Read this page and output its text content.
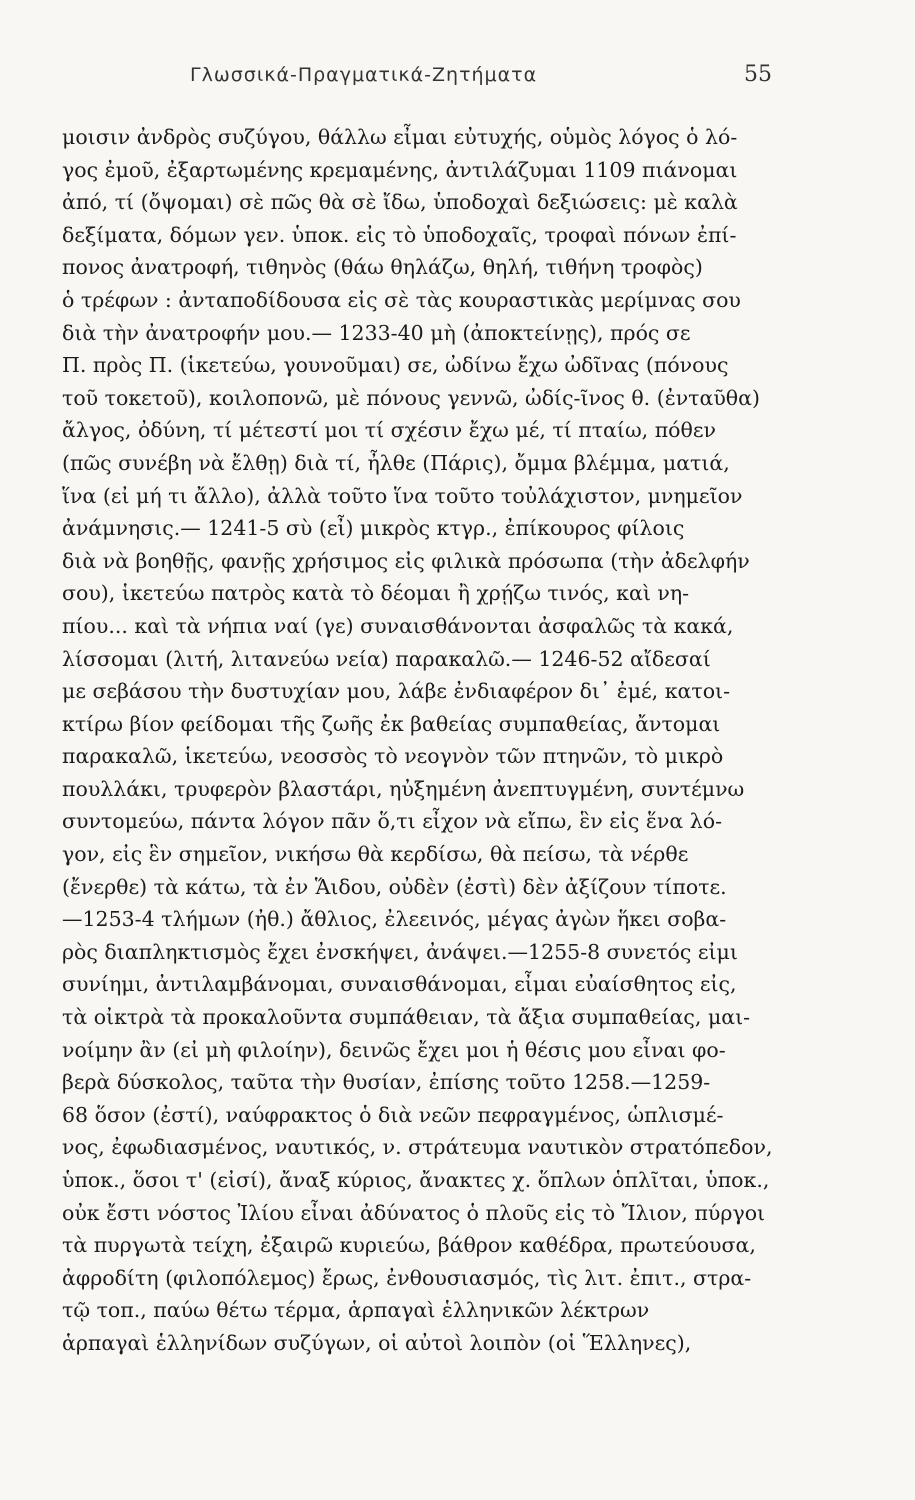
Γλωσσικά-Πραγματικά-Ζητήματα	55
μοισιν ἀνδρὸς συζύγου, θάλλω εἶμαι εὐτυχής, οὑμὸς λόγος ὁ λό-
γος ἐμοῦ, ἐξαρτωμένης κρεμαμένης, ἀντιλάζυμαι 1109 πιάνομαι
ἀπό, τί (ὄψομαι) σὲ πῶς θὰ σὲ ἴδω, ὑποδοχαὶ δεξιώσεις: μὲ καλὰ
δεξίματα, δόμων γεν. ὑποκ. εἰς τὸ ὑποδοχαῖς, τροφαὶ πόνων ἐπί-
πονος ἀνατροφή, τιθηνὸς (θάω θηλάζω, θηλή, τιθήνη τροφὸς)
ὁ τρέφων : ἀνταποδίδουσα εἰς σὲ τὰς κουραστικὰς μερίμνας σου
διὰ τὴν ἀνατροφήν μου.— 1233-40 μὴ (ἀποκτείνῃς), πρός σε
Π. πρὸς Π. (ἱκετεύω, γουνοῦμαι) σε, ὠδίνω ἔχω ὠδῖνας (πόνους
τοῦ τοκετοῦ), κοιλοπονῶ, μὲ πόνους γεννῶ, ὠδίς-ῖνος θ. (ἐνταῦθα)
ἄλγος, ὀδύνη, τί μέτεστί μοι τί σχέσιν ἔχω μέ, τί πταίω, πόθεν
(πῶς συνέβη νὰ ἔλθῃ) διὰ τί, ἦλθε (Πάρις), ὄμμα βλέμμα, ματιά,
ἵνα (εἰ μή τι ἄλλο), ἀλλὰ τοῦτο ἵνα τοῦτο τοὐλάχιστον, μνημεῖον
ἀνάμνησις.— 1241-5 σὺ (εἶ) μικρὸς κτγρ., ἐπίκουρος φίλοις
διὰ νὰ βοηθῇς, φανῇς χρήσιμος εἰς φιλικὰ πρόσωπα (τὴν ἀδελφήν
σου), ἱκετεύω πατρὸς κατὰ τὸ δέομαι ἢ χρῄζω τινός, καὶ νη-
πίου... καὶ τὰ νήπια ναί (γε) συναισθάνονται ἀσφαλῶς τὰ κακά,
λίσσομαι (λιτή, λιτανεύω νεία) παρακαλῶ.— 1246-52 αἴδεσαί
με σεβάσου τὴν δυστυχίαν μου, λάβε ἐνδιαφέρον δι᾽ ἐμέ, κατοι-
κτίρω βίον φείδομαι τῆς ζωῆς ἐκ βαθείας συμπαθείας, ἄντομαι
παρακαλῶ, ἱκετεύω, νεοσσὸς τὸ νεογνὸν τῶν πτηνῶν, τὸ μικρὸ
πουλλάκι, τρυφερὸν βλαστάρι, ηὐξημένη ἀνεπτυγμένη, συντέμνω
συντομεύω, πάντα λόγον πᾶν ὅ,τι εἶχον νὰ εἴπω, ἓν εἰς ἕνα λό-
γον, εἰς ἓν σημεῖον, νικήσω θὰ κερδίσω, θὰ πείσω, τὰ νέρθε
(ἔνερθε) τὰ κάτω, τὰ ἐν Ἅιδου, οὐδὲν (ἐστὶ) δὲν ἀξίζουν τίποτε.
—1253-4 τλήμων (ἠθ.) ἄθλιος, ἐλεεινός, μέγας ἀγὼν ἥκει σοβα-
ρὸς διαπληκτισμὸς ἔχει ἐνσκήψει, ἀνάψει.—1255-8 συνετός εἰμι
συνίημι, ἀντιλαμβάνομαι, συναισθάνομαι, εἶμαι εὐαίσθητος εἰς,
τὰ οἰκτρὰ τὰ προκαλοῦντα συμπάθειαν, τὰ ἄξια συμπαθείας, μαι-
νοίμην ἂν (εἰ μὴ φιλοίην), δεινῶς ἔχει μοι ἡ θέσις μου εἶναι φο-
βερὰ δύσκολος, ταῦτα τὴν θυσίαν, ἐπίσης τοῦτο 1258.—1259-
68 ὅσον (ἐστί), ναύφρακτος ὁ διὰ νεῶν πεφραγμένος, ὡπλισμέ-
νος, ἐφωδιασμένος, ναυτικός, ν. στράτευμα ναυτικὸν στρατόπεδον,
ὑποκ., ὅσοι τ' (εἰσί), ἄναξ κύριος, ἄνακτες χ. ὅπλων ὁπλῖται, ὑποκ.,
οὐκ ἔστι νόστος Ἰλίου εἶναι ἀδύνατος ὁ πλοῦς εἰς τὸ Ἴλιον, πύργοι
τὰ πυργωτὰ τείχη, ἐξαιρῶ κυριεύω, βάθρον καθέδρα, πρωτεύουσα,
ἀφροδίτη (φιλοπόλεμος) ἔρως, ἐνθουσιασμός, τὶς λιτ. ἐπιτ., στρα-
τῷ τοπ., παύω θέτω τέρμα, ἁρπαγαὶ ἑλληνικῶν λέκτρων
ἁρπαγαὶ ἑλληνίδων συζύγων, οἱ αὐτοὶ λοιπὸν (οἱ Ἕλληνες),
